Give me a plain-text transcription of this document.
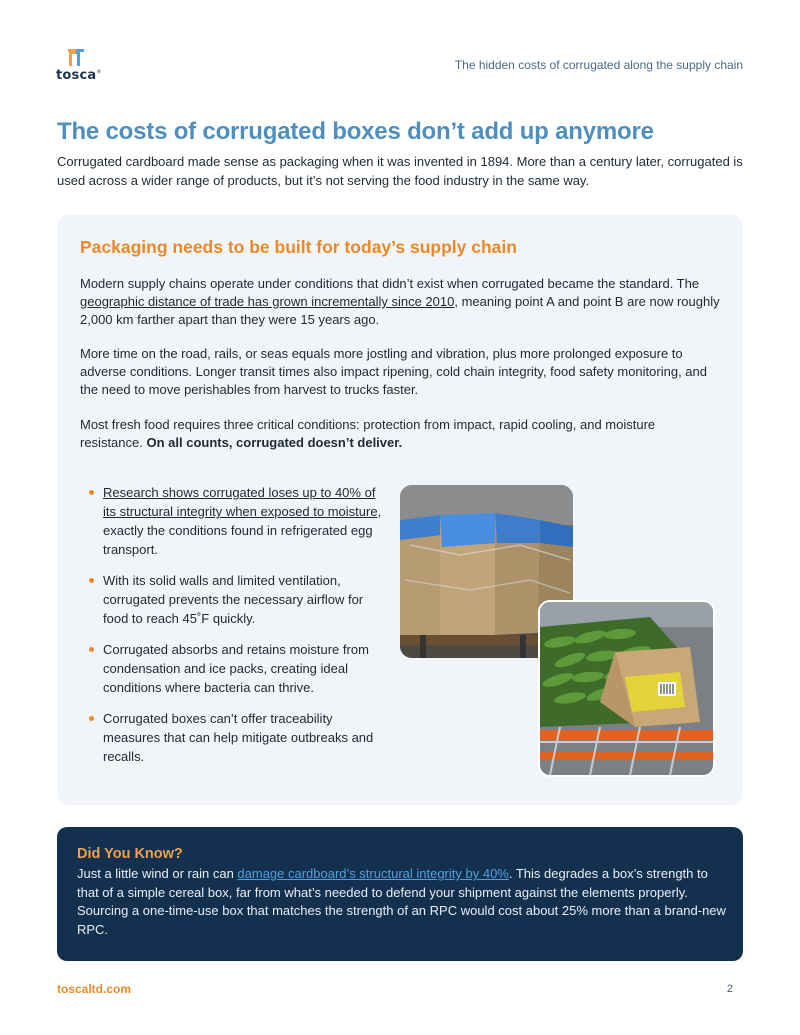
tosca®
The hidden costs of corrugated along the supply chain
The costs of corrugated boxes don’t add up anymore

Corrugated cardboard made sense as packaging when it was invented in 1894. More than a century later, corrugated is used across a wider range of products, but it’s not serving the food industry in the same way.

Packaging needs to be built for today’s supply chain

Modern supply chains operate under conditions that didn’t exist when corrugated became the standard. The geographic distance of trade has grown incrementally since 2010, meaning point A and point B are now roughly 2,000 km farther apart than they were 15 years ago.

More time on the road, rails, or seas equals more jostling and vibration, plus more prolonged exposure to adverse conditions. Longer transit times also impact ripening, cold chain integrity, food safety monitoring, and the need to move perishables from harvest to trucks faster.

Most fresh food requires three critical conditions: protection from impact, rapid cooling, and moisture resistance. On all counts, corrugated doesn’t deliver.

Research shows corrugated loses up to 40% of its structural integrity when exposed to moisture, exactly the conditions found in refrigerated egg transport.
With its solid walls and limited ventilation, corrugated prevents the necessary airflow for food to reach 45˚F quickly.
Corrugated absorbs and retains moisture from condensation and ice packs, creating ideal conditions where bacteria can thrive.
Corrugated boxes can’t offer traceability measures that can help mitigate outbreaks and recalls.
Did You Know?

Just a little wind or rain can damage cardboard’s structural integrity by 40%. This degrades a box’s strength to that of a simple cereal box, far from what’s needed to defend your shipment against the elements properly. Sourcing a one-time-use box that matches the strength of an RPC would cost about 25% more than a brand-new RPC.

toscaltd.com	2
